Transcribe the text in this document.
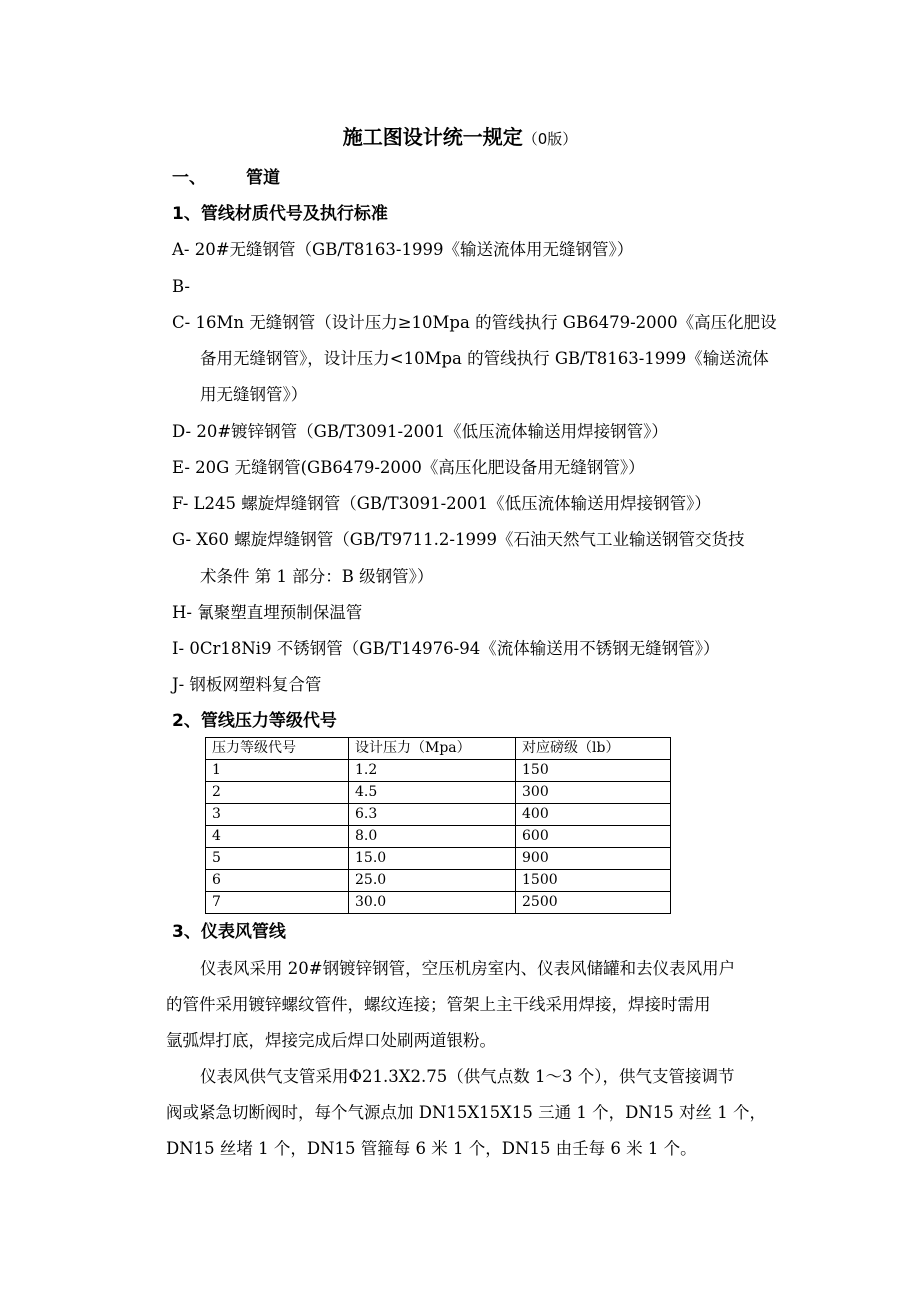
施工图设计统一规定（0版）
一、 管道
1、管线材质代号及执行标准
2、管线压力等级代号
压力等级代号	设计压力（Mpa）	对应磅级（lb）
1	1.2	150
2	4.5	300
3	6.3	400
4	8.0	600
5	15.0	900
6	25.0	1500
7	30.0	2500
3、仪表风管线
A- 20#无缝钢管（GB/T8163-1999《输送流体用无缝钢管》）
B-
C- 16Mn 无缝钢管（设计压力≥10Mpa 的管线执行 GB6479-2000《高压化肥设
备用无缝钢管》，设计压力<10Mpa 的管线执行 GB/T8163-1999《输送流体
用无缝钢管》）
D- 20#镀锌钢管（GB/T3091-2001《低压流体输送用焊接钢管》）
E- 20G 无缝钢管(GB6479-2000《高压化肥设备用无缝钢管》）
F- L245 螺旋焊缝钢管（GB/T3091-2001《低压流体输送用焊接钢管》）
G- X60 螺旋焊缝钢管（GB/T9711.2-1999《石油天然气工业输送钢管交货技
术条件 第 1 部分：B 级钢管》）
H- 氰聚塑直埋预制保温管
I- 0Cr18Ni9 不锈钢管（GB/T14976-94《流体输送用不锈钢无缝钢管》）
J- 钢板网塑料复合管
仪表风采用 20#钢镀锌钢管，空压机房室内、仪表风储罐和去仪表风用户
的管件采用镀锌螺纹管件，螺纹连接；管架上主干线采用焊接，焊接时需用
氩弧焊打底，焊接完成后焊口处刷两道银粉。
仪表风供气支管采用Φ21.3X2.75（供气点数 1～3 个），供气支管接调节
阀或紧急切断阀时，每个气源点加 DN15X15X15 三通 1 个，DN15 对丝 1 个，
DN15 丝堵 1 个，DN15 管箍每 6 米 1 个，DN15 由壬每 6 米 1 个。
